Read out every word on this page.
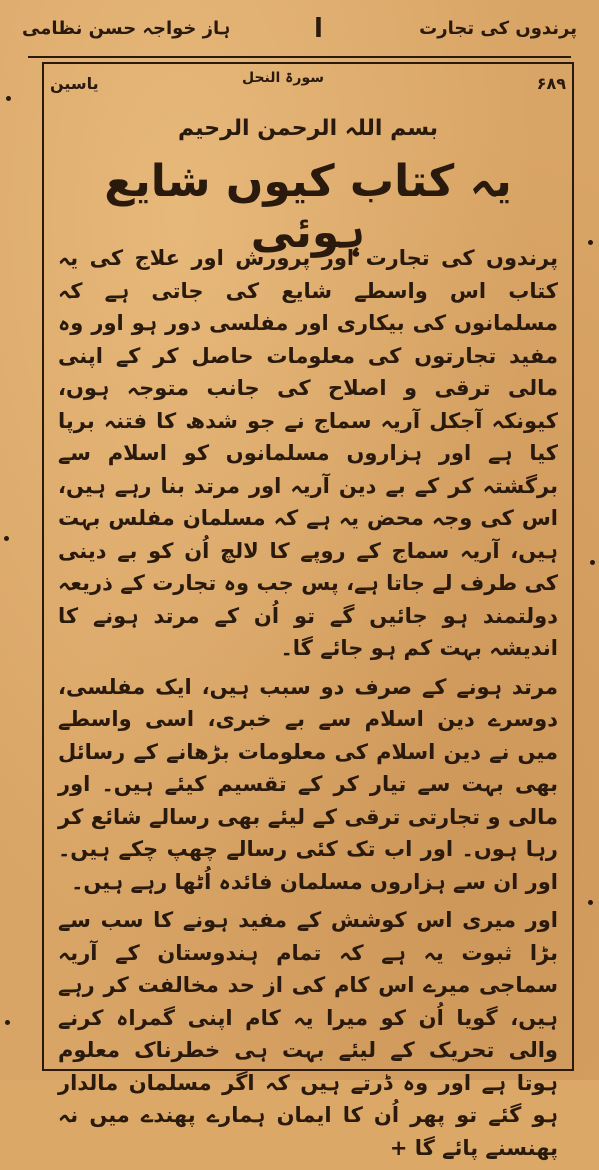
پرندوں کی تجارت
ا
ہاز خواجہ حسن نظامی
۶۸۹
سورۃ النحل
یاسین
بسم اللہ الرحمن الرحیم
یہ کتاب کیوں شایع ہوئی

پرندوں کی تجارت اور پرورش اور علاج کی یہ کتاب اس واسطے شایع کی جاتی ہے کہ مسلمانوں کی بیکاری اور مفلسی دور ہو اور وہ مفید تجارتوں کی معلومات حاصل کر کے اپنی مالی ترقی و اصلاح کی جانب متوجہ ہوں، کیونکہ آجکل آریہ سماج نے جو شدھ کا فتنہ برپا کیا ہے اور ہزاروں مسلمانوں کو اسلام سے برگشتہ کر کے بے دین آریہ اور مرتد بنا رہے ہیں، اس کی وجہ محض یہ ہے کہ مسلمان مفلس بہت ہیں، آریہ سماج کے روپے کا لالچ اُن کو بے دینی کی طرف لے جاتا ہے، پس جب وہ تجارت کے ذریعہ دولتمند ہو جائیں گے تو اُن کے مرتد ہونے کا اندیشہ بہت کم ہو جائے گا۔

مرتد ہونے کے صرف دو سبب ہیں، ایک مفلسی، دوسرے دین اسلام سے بے خبری، اسی واسطے میں نے دین اسلام کی معلومات بڑھانے کے رسائل بھی بہت سے تیار کر کے تقسیم کیئے ہیں۔ اور مالی و تجارتی ترقی کے لیئے بھی رسالے شائع کر رہا ہوں۔ اور اب تک کئی رسالے چھپ چکے ہیں۔ اور ان سے ہزاروں مسلمان فائدہ اُٹھا رہے ہیں۔

اور میری اس کوشش کے مفید ہونے کا سب سے بڑا ثبوت یہ ہے کہ تمام ہندوستان کے آریہ سماجی میرے اس کام کی از حد مخالفت کر رہے ہیں، گویا اُن کو میرا یہ کام اپنی گمراہ کرنے والی تحریک کے لیئے بہت ہی خطرناک معلوم ہوتا ہے اور وہ ڈرتے ہیں کہ اگر مسلمان مالدار ہو گئے تو پھر اُن کا ایمان ہمارے پھندے میں نہ پھنسنے پائے گا +
